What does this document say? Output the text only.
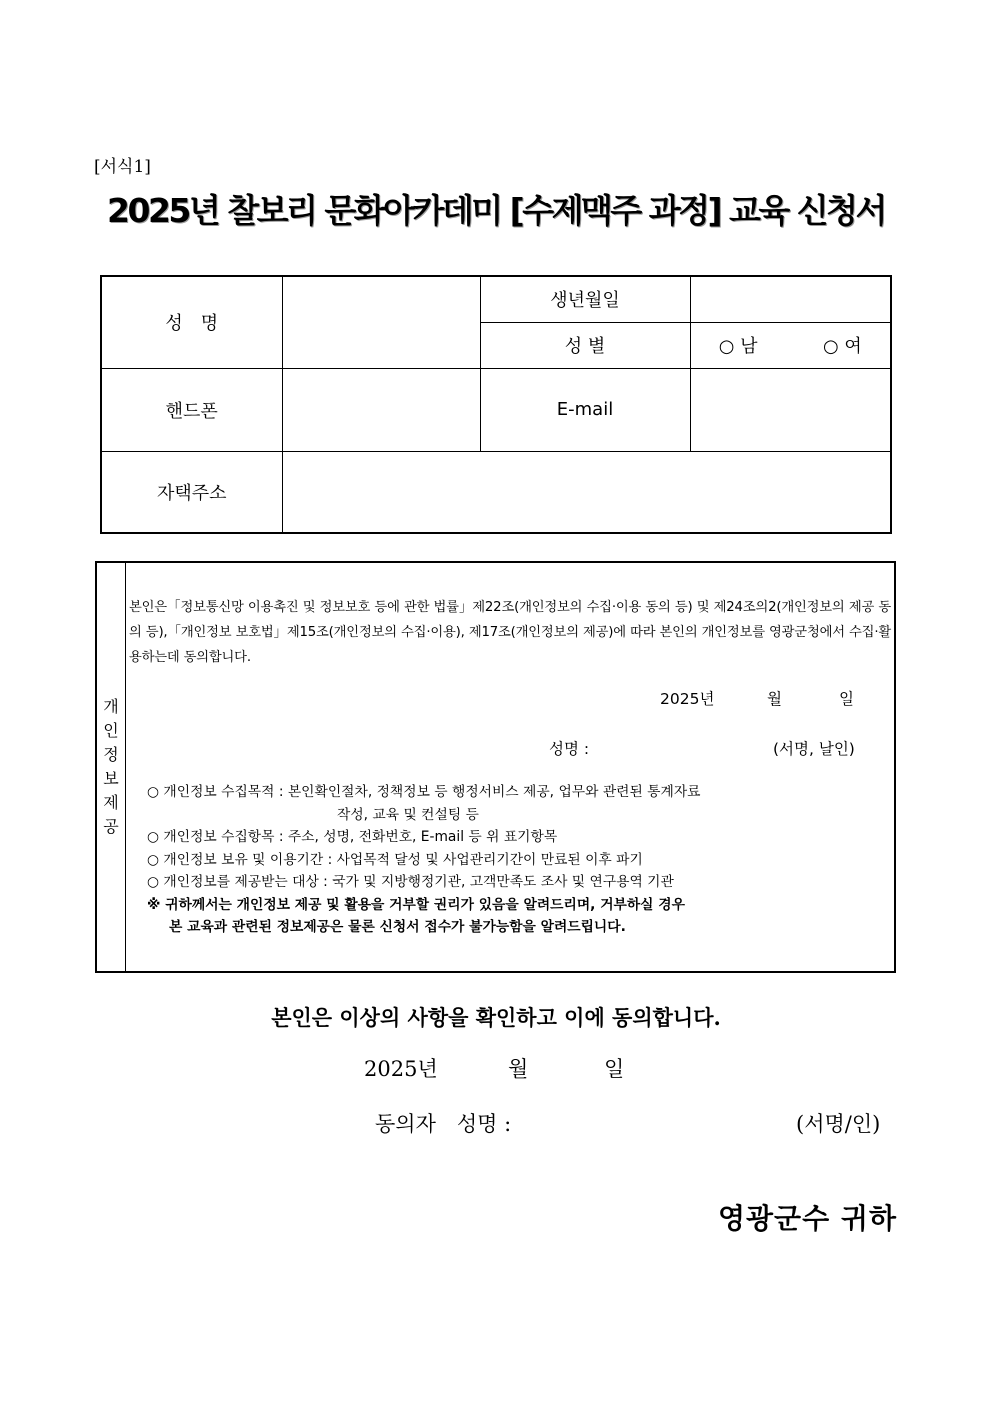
[서식1]
2025년 찰보리 문화아카데미 [수제맥주 과정] 교육 신청서
성　명		생년월일	
		성 별	○ 남 ○ 여
핸드폰		E-mail	
자택주소			
개
인
정
보
제
공
본인은「정보통신망 이용촉진 및 정보보호 등에 관한 법률」제22조(개인정보의 수집·이용 동의 등) 및 제24조의2(개인정보의 제공 동의 등),「개인정보 보호법」제15조(개인정보의 수집·이용), 제17조(개인정보의 제공)에 따라 본인의 개인정보를 영광군청에서 수집·활용하는데 동의합니다.
2025년	월	일
성명 :	(서명, 날인)
○ 개인정보 수집목적 : 본인확인절차, 정책정보 등 행정서비스 제공, 업무와 관련된 통계자료
작성, 교육 및 컨설팅 등
○ 개인정보 수집항목 : 주소, 성명, 전화번호, E-mail 등 위 표기항목
○ 개인정보 보유 및 이용기간 : 사업목적 달성 및 사업관리기간이 만료된 이후 파기
○ 개인정보를 제공받는 대상 : 국가 및 지방행정기관, 고객만족도 조사 및 연구용역 기관
※ 귀하께서는 개인정보 제공 및 활용을 거부할 권리가 있음을 알려드리며, 거부하실 경우
본 교육과 관련된 정보제공은 물론 신청서 접수가 불가능함을 알려드립니다.
본인은 이상의 사항을 확인하고 이에 동의합니다.
2025년	월	일
동의자　성명 :	(서명/인)
영광군수 귀하
